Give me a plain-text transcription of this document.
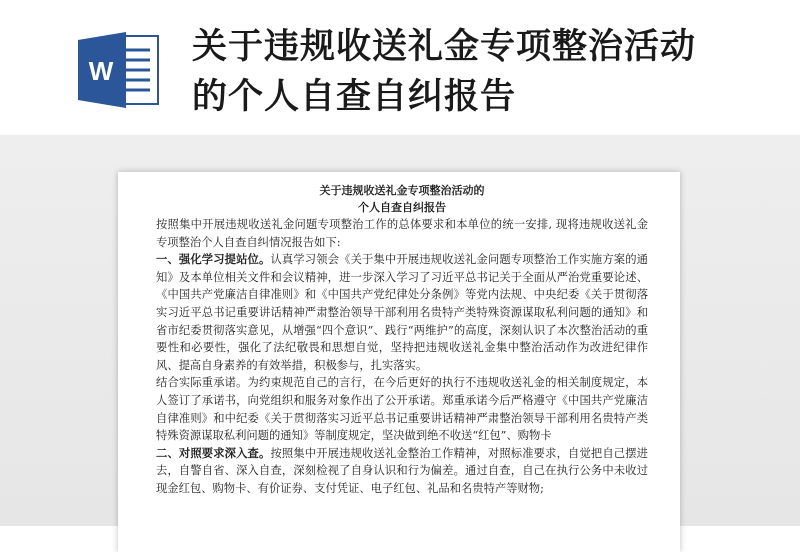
W
关于违规收送礼金专项整治活动
的个人自查自纠报告
关于违规收送礼金专项整治活动的
个人自查自纠报告

按照集中开展违规收送礼金问题专项整治工作的总体要求和本单位的统一安排, 现将违规收送礼金专项整治个人自查自纠情况报告如下:

一、强化学习提站位。认真学习领会《关于集中开展违规收送礼金问题专项整治工作实施方案的通知》及本单位相关文件和会议精神，进一步深入学习了习近平总书记关于全面从严治党重要论述、《中国共产党廉洁自律准则》和《中国共产党纪律处分条例》等党内法规、中央纪委《关于贯彻落实习近平总书记重要讲话精神严肃整治领导干部利用名贵特产类特殊资源谋取私利问题的通知》和省市纪委贯彻落实意见，从增强“四个意识”、践行“两维护”的高度，深刻认识了本次整治活动的重要性和必要性，强化了法纪敬畏和思想自觉，坚持把违规收送礼金集中整治活动作为改进纪律作风、提高自身素养的有效举措，积极参与，扎实落实。

结合实际重承诺。为约束规范自己的言行，在今后更好的执行不违规收送礼金的相关制度规定，本人签订了承诺书，向党组织和服务对象作出了公开承诺。郑重承诺今后严格遵守《中国共产党廉洁自律准则》和中纪委《关于贯彻落实习近平总书记重要讲话精神严肃整治领导干部利用名贵特产类特殊资源谋取私利问题的通知》等制度规定，坚决做到绝不收送“红包”、购物卡

二、对照要求深入查。按照集中开展违规收送礼金整治工作精神，对照标准要求，自觉把自己摆进去，自警自省、深入自查，深刻检视了自身认识和行为偏差。通过自查，自己在执行公务中未收过现金红包、购物卡、有价证券、支付凭证、电子红包、礼品和名贵特产等财物;
